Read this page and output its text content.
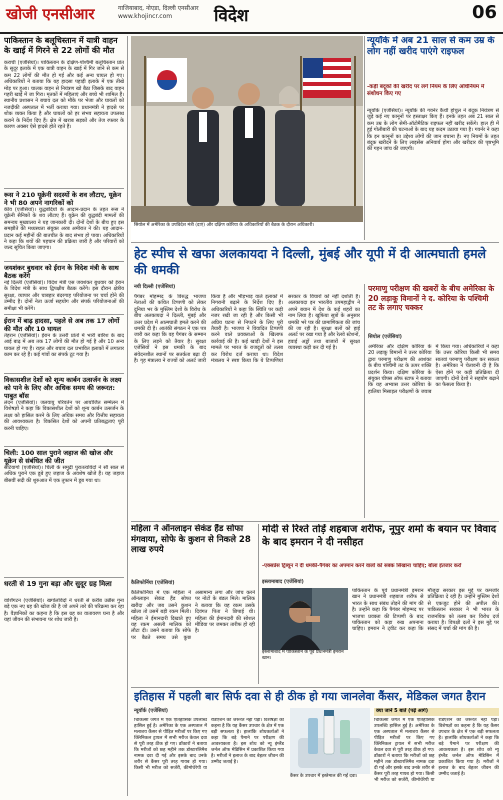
खोजी एनसीआर	गाजियाबाद, नोएडा, दिल्ली एनसीआर
www.khojincr.com	विदेश	06
पाकिस्तान के बलूचिस्तान में यात्री वाहन के खाई में गिरने से 22 लोगों की मौत
कराची (एजेंसियां)। पाकिस्तान के दक्षिण-पश्चिमी बलूचिस्तान प्रांत के सुदूर इलाके में एक यात्री वाहन के खाई में गिर जाने से कम से कम 22 लोगों की मौत हो गई और कई अन्य घायल हो गए। अधिकारियों ने बताया कि यह हादसा पहाड़ी इलाके में एक तीखे मोड़ पर हुआ। चालक वाहन से नियंत्रण खो बैठा जिसके बाद वाहन गहरी खाई में जा गिरा। मृतकों में महिलाएं और बच्चे भी शामिल हैं। स्थानीय प्रशासन ने बचाव दल को मौके पर भेजा और घायलों को नजदीकी अस्पताल में भर्ती कराया गया। प्रधानमंत्री ने हादसे पर शोक व्यक्त किया है और घायलों को हर संभव सहायता उपलब्ध कराने के निर्देश दिए हैं। क्षेत्र में खराब सड़कों और तेज रफ्तार के कारण अक्सर ऐसे हादसे होते रहते हैं।
रूस ने 210 यूक्रेनी सदस्यों के शव लौटाए, यूक्रेन ने भी 80 अपने नागरिकों को
कीव (एजेंसियां)। युद्धबंदियों के आदान-प्रदान के तहत रूस ने यूक्रेनी सैनिकों के शव लौटाए हैं। यूक्रेन की युद्धबंदी मामलों की समन्वय मुख्यालय ने यह जानकारी दी। दोनों देशों के बीच हुए इस समझौते की मध्यस्थता संयुक्त अरब अमीरात ने की। यह आदान-प्रदान कई महीनों की बातचीत के बाद संभव हो पाया। अधिकारियों ने कहा कि शवों की पहचान की प्रक्रिया जारी है और परिवारों को जल्द सूचित किया जाएगा।
जयशंकर बुधवार को ईरान के विदेश मंत्री के साथ बैठक करेंगे
नई दिल्ली (एजेंसियां)। विदेश मंत्री एस जयशंकर बुधवार को ईरान के विदेश मंत्री के साथ द्विपक्षीय बैठक करेंगे। इस दौरान क्षेत्रीय सुरक्षा, व्यापार और चाबहार बंदरगाह परियोजना पर चर्चा होने की उम्मीद है। दोनों नेता ऊर्जा सहयोग और संपर्क परियोजनाओं की समीक्षा भी करेंगे।
ईरान में बाढ़ हादसा, पहले से अब तक 17 लोगों की मौत और 10 घायल
तेहरान (एजेंसियां)। ईरान के उत्तरी प्रांतों में भारी बारिश के बाद आई बाढ़ में अब तक 17 लोगों की मौत हो गई है और 10 अन्य घायल हो गए हैं। राहत और बचाव दल प्रभावित इलाकों में लगातार काम कर रहे हैं। कई गांवों का संपर्क टूट गया है।
विकासशील देशों को शून्य कार्बन उत्सर्जन के लक्ष्य को पाने के लिए और अधिक समय की जरूरत: पाबुत बॉस
लंदन (एजेंसियां)। जलवायु परिवर्तन पर आयोजित सम्मेलन में विशेषज्ञों ने कहा कि विकासशील देशों को शून्य कार्बन उत्सर्जन के लक्ष्य को हासिल करने के लिए अधिक समय और वित्तीय सहायता की आवश्यकता है। विकसित देशों को अपनी प्रतिबद्धताएं पूरी करनी चाहिए।
चिली: 100 साल पुराने जहाज की खोज और यूक्रेन से संबंधित की जीत
सैंटियागो (एजेंसियां)। चिली के समुद्री पुरातत्वविदों ने सौ साल से अधिक पुराने एक डूबे हुए जहाज के अवशेष खोजे हैं। यह जहाज बीसवीं सदी की शुरुआत में एक तूफान में डूब गया था।
धरती से 19 गुना बड़ा और सुदूर ग्रह मिला
वाशिंगटन (एजेंसियां)। खगोलविदों ने धरती से करीब उन्नीस गुना बड़े एक नए ग्रह की खोज की है जो अपने तारे की परिक्रमा कर रहा है। वैज्ञानिकों का कहना है कि इस ग्रह का वातावरण घना है और यहां जीवन की संभावना पर शोध जारी है।
सियोल में अमेरिका के उपविदेश मंत्री (दाएं) और दक्षिण कोरिया के अधिकारियों की बैठक के दौरान अधिकारी।
न्यूयॉर्क में अब 21 साल से कम उम्र के लोग नहीं खरीद पाएंगे राइफल
-कड़ी बंदूकों की खरीद पर लगे नियम के लिए अधिनियम में संशोधन किए गए
न्यूयॉर्क (एजेंसियां)। न्यूयॉर्क की गवर्नर कैथी होचुल ने बंदूक नियंत्रण से जुड़े कई नए कानूनों पर हस्ताक्षर किए हैं। इनके तहत अब 21 साल से कम उम्र के लोग सेमी-ऑटोमैटिक राइफल नहीं खरीद सकेंगे। हाल ही में हुई गोलीबारी की घटनाओं के बाद यह कदम उठाया गया है। गवर्नर ने कहा कि इन कानूनों का उद्देश्य लोगों की जान बचाना है। नए नियमों के तहत बंदूक खरीदने के लिए लाइसेंस अनिवार्य होगा और खरीदार की पृष्ठभूमि की गहन जांच की जाएगी।
हेट स्पीच से खफा अलकायदा ने दिल्ली, मुंबई और यूपी में दी आत्मघाती हमले की धमकी
नयी दिल्ली (एजेंसियां)
पैगंबर मोहम्मद के विरुद्ध भाजपा नेताओं की कथित टिप्पणी को लेकर दुनिया भर के मुस्लिम देशों के विरोध के बीच अलकायदा ने दिल्ली, मुंबई और उत्तर प्रदेश में आत्मघाती हमले करने की धमकी दी है। आतंकी संगठन ने एक पत्र जारी कर कहा कि वह पैगंबर के सम्मान के लिए लड़ने को तैयार है। सुरक्षा एजेंसियों ने इस धमकी के बाद संवेदनशील स्थानों पर सतर्कता बढ़ा दी है। गृह मंत्रालय ने राज्यों को अलर्ट जारी किया है और भीड़भाड़ वाले इलाकों में निगरानी बढ़ाने के निर्देश दिए हैं। अधिकारियों ने कहा कि स्थिति पर कड़ी नजर रखी जा रही है और किसी भी अप्रिय घटना से निपटने के लिए पूरी तैयारी है। भाजपा ने विवादित टिप्पणी करने वाले प्रवक्ताओं के खिलाफ कार्रवाई की है। कई खाड़ी देशों ने इस मामले पर भारत के राजदूतों को तलब कर विरोध दर्ज कराया था। विदेश मंत्रालय ने स्पष्ट किया कि ये टिप्पणियां सरकार के विचारों को नहीं दर्शाती हैं। अलकायदा इन भारतीय उपमहाद्वीप ने अपने बयान में देश के कई शहरों का नाम लिया है। खुफिया सूत्रों के अनुसार धमकी भरे पत्र की प्रामाणिकता की जांच की जा रही है। सुरक्षा बलों को हाई अलर्ट पर रखा गया है और रेलवे स्टेशनों, हवाई अड्डों तथा बाजारों में सुरक्षा व्यवस्था कड़ी कर दी गई है।
परमाणु परीक्षण की खबरों के बीच अमेरिका के 20 लड़ाकू विमानों ने द. कोरिया के पश्चिमी तट के लगाए चक्कर
सियोल (एजेंसियां)
अमेरिका और दक्षिण कोरिया के 20 लड़ाकू विमानों ने उत्तर कोरिया द्वारा परमाणु परीक्षण की आशंका के बीच पश्चिमी तट के ऊपर शक्ति प्रदर्शन किया। दक्षिण कोरिया के संयुक्त चीफ्स ऑफ स्टाफ ने बताया कि यह अभ्यास उत्तर कोरिया के हालिया मिसाइल परीक्षणों के जवाब में किया गया। अधिकारियों ने कहा कि उत्तर कोरिया किसी भी समय सातवां परमाणु परीक्षण कर सकता है। अमेरिका ने चेतावनी दी है कि ऐसा होने पर कड़ी प्रतिक्रिया दी जाएगी। दोनों देशों ने सहयोग बढ़ाने का फैसला किया है।
महिला ने ऑनलाइन सेकंड हैंड सोफा मंगवाया, सोफे के कुशन से निकले 28 लाख रुपये
कैलिफोर्निया (एजेंसियां)
कैलिफोर्निया में एक महिला ने ऑनलाइन सेकंड हैंड सोफा खरीदा और जब उसने कुशन खोला तो उसमें बड़ी रकम मिली। महिला ने ईमानदारी दिखाते हुए यह रकम असली मालिक को लौटा दी। उसने बताया कि सोफे पर बैठते समय उसे कुछ असामान्य लगा और जांच करने पर नोटों के बंडल मिले। मालिक ने बताया कि यह रकम उसके दिवंगत पिता ने छिपाई थी। महिला की ईमानदारी की सोशल मीडिया पर जमकर तारीफ हो रही है।
मोदी से रिश्ते तोड़ें शहबाज शरीफ, नूपुर शर्मा के बयान पर विवाद के बाद इमरान ने दी नसीहत
-एक्सप्रेस ट्रिब्यून ने दी धमकी-पैगंबर का अपमान करने वालों को सबक सिखाना चाहिए; बोला इंतजार करो
इस्लामाबाद (एजेंसियां)
इस्लामाबाद में पाकिस्तान के पूर्व प्रधानमंत्री इमरान खान।
पाकिस्तान के पूर्व प्रधानमंत्री इमरान खान ने प्रधानमंत्री शहबाज शरीफ से भारत के साथ संबंध तोड़ने की मांग की है। उन्होंने कहा कि पैगंबर मोहम्मद पर भाजपा प्रवक्ता की टिप्पणी के बाद पाकिस्तान को कड़ा रुख अपनाना चाहिए। इमरान ने ट्वीट कर कहा कि मौजूदा सरकार इस मुद्दे पर कमजोर प्रतिक्रिया दे रही है। उन्होंने मुस्लिम देशों से एकजुट होने की अपील की। पाकिस्तान सरकार ने भी भारत के राजनयिक को तलब कर विरोध दर्ज कराया है। विपक्षी दलों ने इस मुद्दे पर संसद में चर्चा की मांग की है।
इतिहास में पहली बार सिर्फ दवा से ही ठीक हो गया जानलेवा कैंसर, मेडिकल जगत हैरान
न्यूयॉर्क (एजेंसियां)
चिकित्सा जगत में एक ऐतिहासिक उपलब्धि हासिल हुई है। अमेरिका के एक अस्पताल में मलाशय कैंसर से पीड़ित मरीजों पर किए गए क्लिनिकल ट्रायल में सभी मरीज केवल दवा से पूरी तरह ठीक हो गए। डॉक्टरों ने बताया कि मरीजों को छह महीने तक डोस्टारलिमैब नामक दवा दी गई और इसके बाद उनके शरीर से कैंसर पूरी तरह गायब हो गया। किसी भी मरीज को सर्जरी, कीमोथेरेपी या रेडिएशन की जरूरत नहीं पड़ी। विशेषज्ञों का कहना है कि यह कैंसर उपचार के क्षेत्र में एक बड़ी सफलता है। हालांकि शोधकर्ताओं ने कहा कि बड़े पैमाने पर परीक्षण की आवश्यकता है। इस शोध को न्यू इंग्लैंड जर्नल ऑफ मेडिसिन में प्रकाशित किया गया है। मरीजों ने इलाज के बाद बेहतर जीवन की उम्मीद जताई है।
कैंसर के उपचार में इस्तेमाल की गई दवा।
क्या जानें 5 बातें (पढ़ें आगे)
चिकित्सा जगत में एक ऐतिहासिक उपलब्धि हासिल हुई है। अमेरिका के एक अस्पताल में मलाशय कैंसर से पीड़ित मरीजों पर किए गए क्लिनिकल ट्रायल में सभी मरीज केवल दवा से पूरी तरह ठीक हो गए। डॉक्टरों ने बताया कि मरीजों को छह महीने तक डोस्टारलिमैब नामक दवा दी गई और इसके बाद उनके शरीर से कैंसर पूरी तरह गायब हो गया। किसी भी मरीज को सर्जरी, कीमोथेरेपी या रेडिएशन की जरूरत नहीं पड़ी। विशेषज्ञों का कहना है कि यह कैंसर उपचार के क्षेत्र में एक बड़ी सफलता है। हालांकि शोधकर्ताओं ने कहा कि बड़े पैमाने पर परीक्षण की आवश्यकता है। इस शोध को न्यू इंग्लैंड जर्नल ऑफ मेडिसिन में प्रकाशित किया गया है। मरीजों ने इलाज के बाद बेहतर जीवन की उम्मीद जताई है।
